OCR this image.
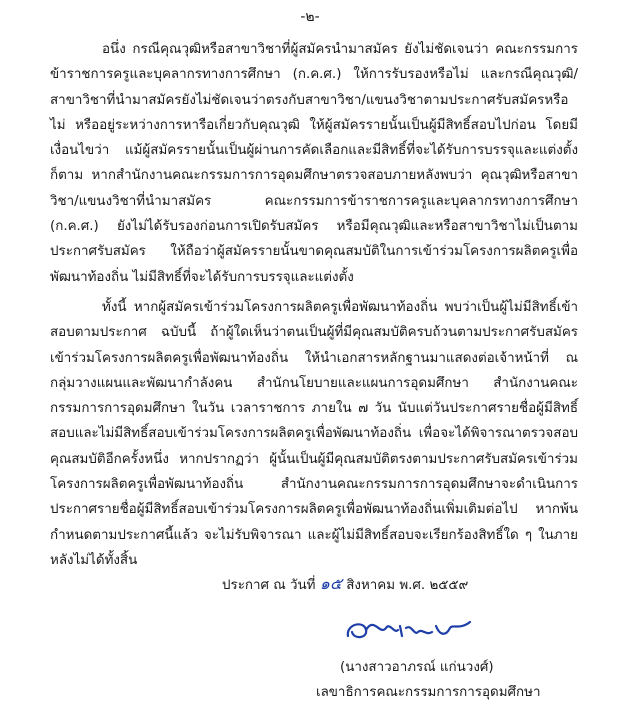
-๒-

อนึ่ง กรณีคุณวุฒิหรือสาขาวิชาที่ผู้สมัครนำมาสมัคร ยังไม่ชัดเจนว่า คณะกรรมการข้าราชการครูและบุคลากรทางการศึกษา (ก.ค.ศ.) ให้การรับรองหรือไม่ และกรณีคุณวุฒิ/สาขาวิชาที่นำมาสมัครยังไม่ชัดเจนว่าตรงกับสาขาวิชา/แขนงวิชาตามประกาศรับสมัครหรือไม่ หรืออยู่ระหว่างการหารือเกี่ยวกับคุณวุฒิ ให้ผู้สมัครรายนั้นเป็นผู้มีสิทธิ์สอบไปก่อน โดยมีเงื่อนไขว่า แม้ผู้สมัครรายนั้นเป็นผู้ผ่านการคัดเลือกและมีสิทธิ์ที่จะได้รับการบรรจุและแต่งตั้งก็ตาม หากสำนักงานคณะกรรมการการอุดมศึกษาตรวจสอบภายหลังพบว่า คุณวุฒิหรือสาขาวิชา/แขนงวิชาที่นำมาสมัคร คณะกรรมการข้าราชการครูและบุคลากรทางการศึกษา (ก.ค.ศ.) ยังไม่ได้รับรองก่อนการเปิดรับสมัคร หรือมีคุณวุฒิและหรือสาขาวิชาไม่เป็นตามประกาศรับสมัคร ให้ถือว่าผู้สมัครรายนั้นขาดคุณสมบัติในการเข้าร่วมโครงการผลิตครูเพื่อพัฒนาท้องถิ่น ไม่มีสิทธิ์ที่จะได้รับการบรรจุและแต่งตั้ง

ทั้งนี้ หากผู้สมัครเข้าร่วมโครงการผลิตครูเพื่อพัฒนาท้องถิ่น พบว่าเป็นผู้ไม่มีสิทธิ์เข้าสอบตามประกาศ ฉบับนี้ ถ้าผู้ใดเห็นว่าตนเป็นผู้ที่มีคุณสมบัติครบถ้วนตามประกาศรับสมัครเข้าร่วมโครงการผลิตครูเพื่อพัฒนาท้องถิ่น ให้นำเอกสารหลักฐานมาแสดงต่อเจ้าหน้าที่ ณ กลุ่มวางแผนและพัฒนากำลังคน สำนักนโยบายและแผนการอุดมศึกษา สำนักงานคณะกรรมการการอุดมศึกษา ในวัน เวลาราชการ ภายใน ๗ วัน นับแต่วันประกาศรายชื่อผู้มีสิทธิ์สอบและไม่มีสิทธิ์สอบเข้าร่วมโครงการผลิตครูเพื่อพัฒนาท้องถิ่น เพื่อจะได้พิจารณาตรวจสอบคุณสมบัติอีกครั้งหนึ่ง หากปรากฏว่า ผู้นั้นเป็นผู้มีคุณสมบัติตรงตามประกาศรับสมัครเข้าร่วมโครงการผลิตครูเพื่อพัฒนาท้องถิ่น สำนักงานคณะกรรมการการอุดมศึกษาจะดำเนินการประกาศรายชื่อผู้มีสิทธิ์สอบเข้าร่วมโครงการผลิตครูเพื่อพัฒนาท้องถิ่นเพิ่มเติมต่อไป หากพ้นกำหนดตามประกาศนี้แล้ว จะไม่รับพิจารณา และผู้ไม่มีสิทธิ์สอบจะเรียกร้องสิทธิ์ใด ๆ ในภายหลังไม่ได้ทั้งสิ้น

ประกาศ ณ วันที่ ๑๕ สิงหาคม พ.ศ. ๒๕๕๙
(นางสาวอาภรณ์ แก่นวงศ์)
เลขาธิการคณะกรรมการการอุดมศึกษา
